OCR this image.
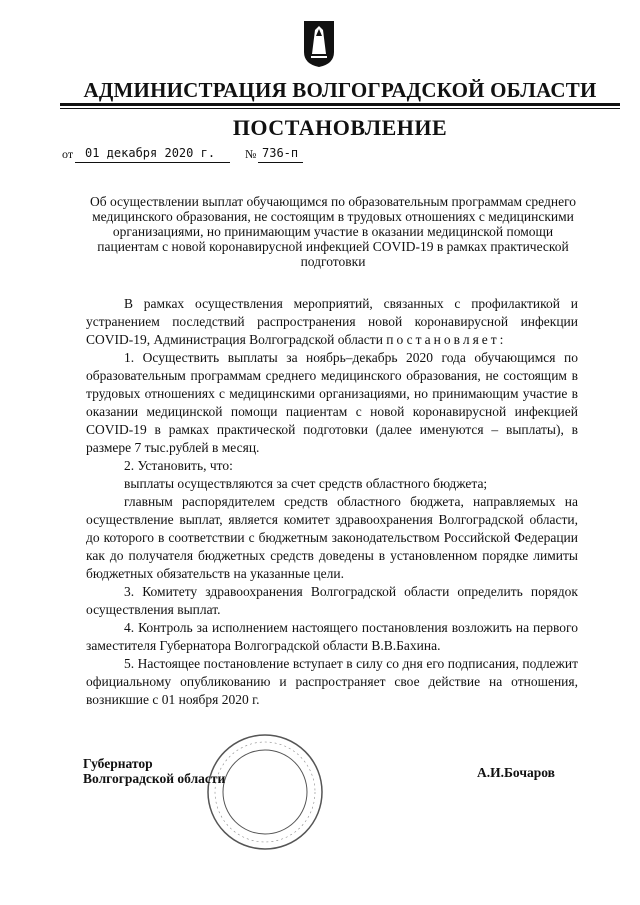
АДМИНИСТРАЦИЯ ВОЛГОГРАДСКОЙ ОБЛАСТИ
ПОСТАНОВЛЕНИЕ
от 01 декабря 2020 г. № 736-п
Об осуществлении выплат обучающимся по образовательным программам среднего медицинского образования, не состоящим в трудовых отношениях с медицинскими организациями, но принимающим участие в оказании медицинской помощи пациентам с новой коронавирусной инфекцией COVID-19 в рамках практической подготовки

В рамках осуществления мероприятий, связанных с профилактикой и устранением последствий распространения новой коронавирусной инфекции COVID-19, Администрация Волгоградской области постановляет:

1. Осуществить выплаты за ноябрь–декабрь 2020 года обучающимся по образовательным программам среднего медицинского образования, не состоящим в трудовых отношениях с медицинскими организациями, но принимающим участие в оказании медицинской помощи пациентам с новой коронавирусной инфекцией COVID-19 в рамках практической подготовки (далее именуются – выплаты), в размере 7 тыс.рублей в месяц.

2. Установить, что:

выплаты осуществляются за счет средств областного бюджета;

главным распорядителем средств областного бюджета, направляемых на осуществление выплат, является комитет здравоохранения Волгоградской области, до которого в соответствии с бюджетным законодательством Российской Федерации как до получателя бюджетных средств доведены в установленном порядке лимиты бюджетных обязательств на указанные цели.

3. Комитету здравоохранения Волгоградской области определить порядок осуществления выплат.

4. Контроль за исполнением настоящего постановления возложить на первого заместителя Губернатора Волгоградской области В.В.Бахина.

5. Настоящее постановление вступает в силу со дня его подписания, подлежит официальному опубликованию и распространяет свое действие на отношения, возникшие с 01 ноября 2020 г.

Губернатор
Волгоградской области	А.И.Бочаров
